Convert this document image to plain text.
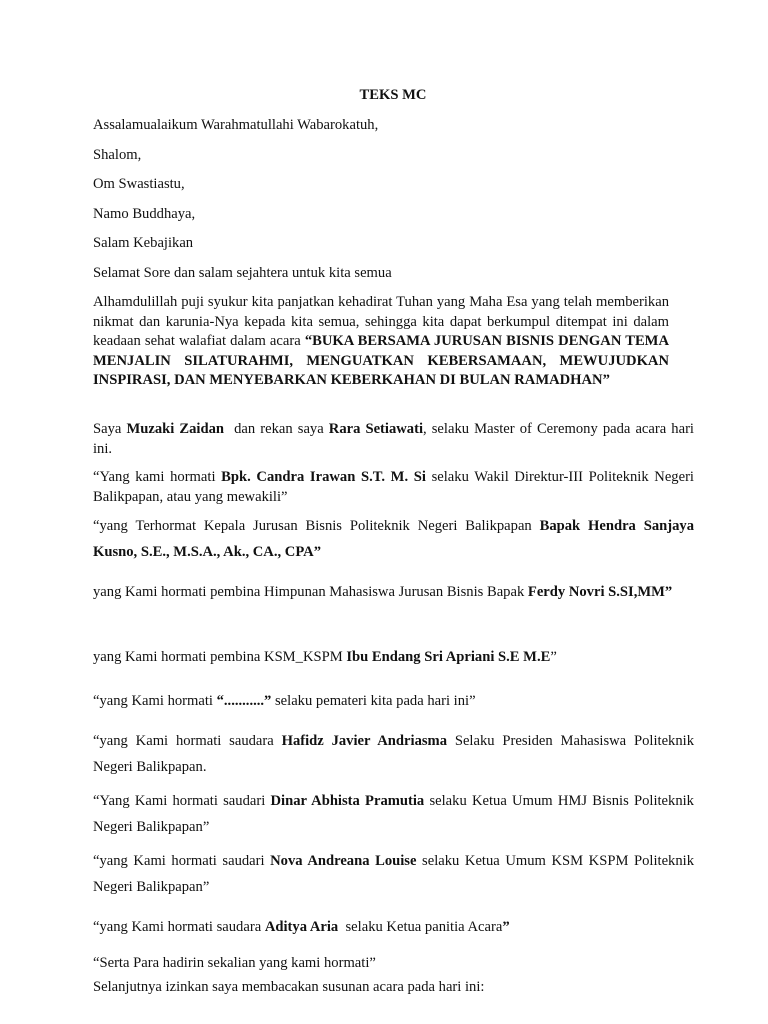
TEKS MC
Assalamualaikum Warahmatullahi Wabarokatuh,
Shalom,
Om Swastiastu,
Namo Buddhaya,
Salam Kebajikan
Selamat Sore dan salam sejahtera untuk kita semua
Alhamdulillah puji syukur kita panjatkan kehadirat Tuhan yang Maha Esa yang telah memberikan nikmat dan karunia-Nya kepada kita semua, sehingga kita dapat berkumpul ditempat ini dalam keadaan sehat walafiat dalam acara “BUKA BERSAMA JURUSAN BISNIS DENGAN TEMA MENJALIN SILATURAHMI, MENGUATKAN KEBERSAMAAN, MEWUJUDKAN INSPIRASI, DAN MENYEBARKAN KEBERKAHAN DI BULAN RAMADHAN”
Saya Muzaki Zaidan  dan rekan saya Rara Setiawati, selaku Master of Ceremony pada acara hari ini.
“Yang kami hormati Bpk. Candra Irawan S.T. M. Si selaku Wakil Direktur-III Politeknik Negeri Balikpapan, atau yang mewakili”
“yang Terhormat Kepala Jurusan Bisnis Politeknik Negeri Balikpapan Bapak Hendra Sanjaya Kusno, S.E., M.S.A., Ak., CA., CPA”
yang Kami hormati pembina Himpunan Mahasiswa Jurusan Bisnis Bapak Ferdy Novri S.SI,MM”
yang Kami hormati pembina KSM_KSPM Ibu Endang Sri Apriani S.E M.E”
“yang Kami hormati “...........” selaku pemateri kita pada hari ini”
“yang Kami hormati saudara Hafidz Javier Andriasma Selaku Presiden Mahasiswa Politeknik Negeri Balikpapan.
“Yang Kami hormati saudari Dinar Abhista Pramutia selaku Ketua Umum HMJ Bisnis Politeknik Negeri Balikpapan”
“yang Kami hormati saudari Nova Andreana Louise selaku Ketua Umum KSM KSPM Politeknik Negeri Balikpapan”
“yang Kami hormati saudara Aditya Aria  selaku Ketua panitia Acara”
“Serta Para hadirin sekalian yang kami hormati”
Selanjutnya izinkan saya membacakan susunan acara pada hari ini:
